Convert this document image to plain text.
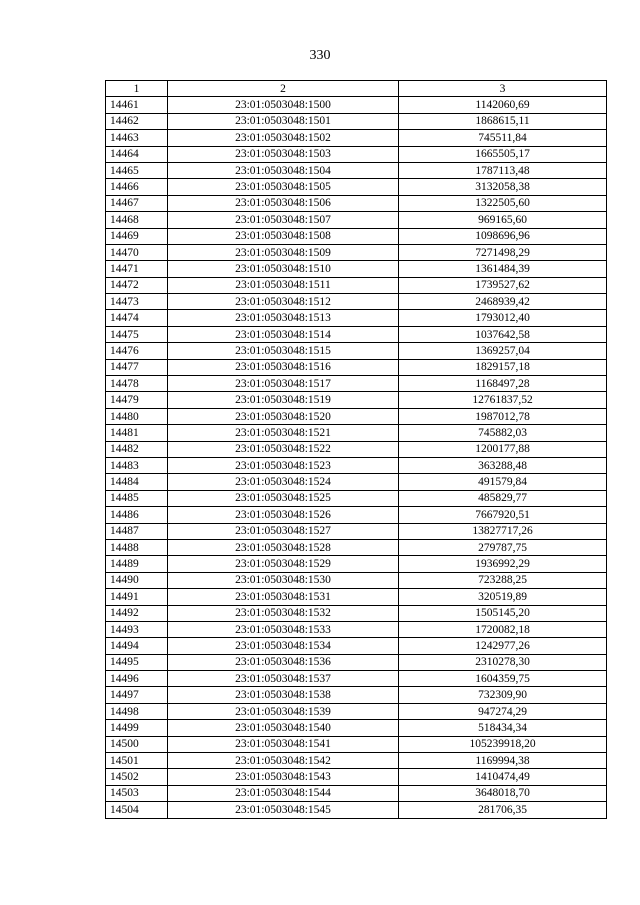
330
1	2	3
14461	23:01:0503048:1500	1142060,69
14462	23:01:0503048:1501	1868615,11
14463	23:01:0503048:1502	745511,84
14464	23:01:0503048:1503	1665505,17
14465	23:01:0503048:1504	1787113,48
14466	23:01:0503048:1505	3132058,38
14467	23:01:0503048:1506	1322505,60
14468	23:01:0503048:1507	969165,60
14469	23:01:0503048:1508	1098696,96
14470	23:01:0503048:1509	7271498,29
14471	23:01:0503048:1510	1361484,39
14472	23:01:0503048:1511	1739527,62
14473	23:01:0503048:1512	2468939,42
14474	23:01:0503048:1513	1793012,40
14475	23:01:0503048:1514	1037642,58
14476	23:01:0503048:1515	1369257,04
14477	23:01:0503048:1516	1829157,18
14478	23:01:0503048:1517	1168497,28
14479	23:01:0503048:1519	12761837,52
14480	23:01:0503048:1520	1987012,78
14481	23:01:0503048:1521	745882,03
14482	23:01:0503048:1522	1200177,88
14483	23:01:0503048:1523	363288,48
14484	23:01:0503048:1524	491579,84
14485	23:01:0503048:1525	485829,77
14486	23:01:0503048:1526	7667920,51
14487	23:01:0503048:1527	13827717,26
14488	23:01:0503048:1528	279787,75
14489	23:01:0503048:1529	1936992,29
14490	23:01:0503048:1530	723288,25
14491	23:01:0503048:1531	320519,89
14492	23:01:0503048:1532	1505145,20
14493	23:01:0503048:1533	1720082,18
14494	23:01:0503048:1534	1242977,26
14495	23:01:0503048:1536	2310278,30
14496	23:01:0503048:1537	1604359,75
14497	23:01:0503048:1538	732309,90
14498	23:01:0503048:1539	947274,29
14499	23:01:0503048:1540	518434,34
14500	23:01:0503048:1541	105239918,20
14501	23:01:0503048:1542	1169994,38
14502	23:01:0503048:1543	1410474,49
14503	23:01:0503048:1544	3648018,70
14504	23:01:0503048:1545	281706,35
